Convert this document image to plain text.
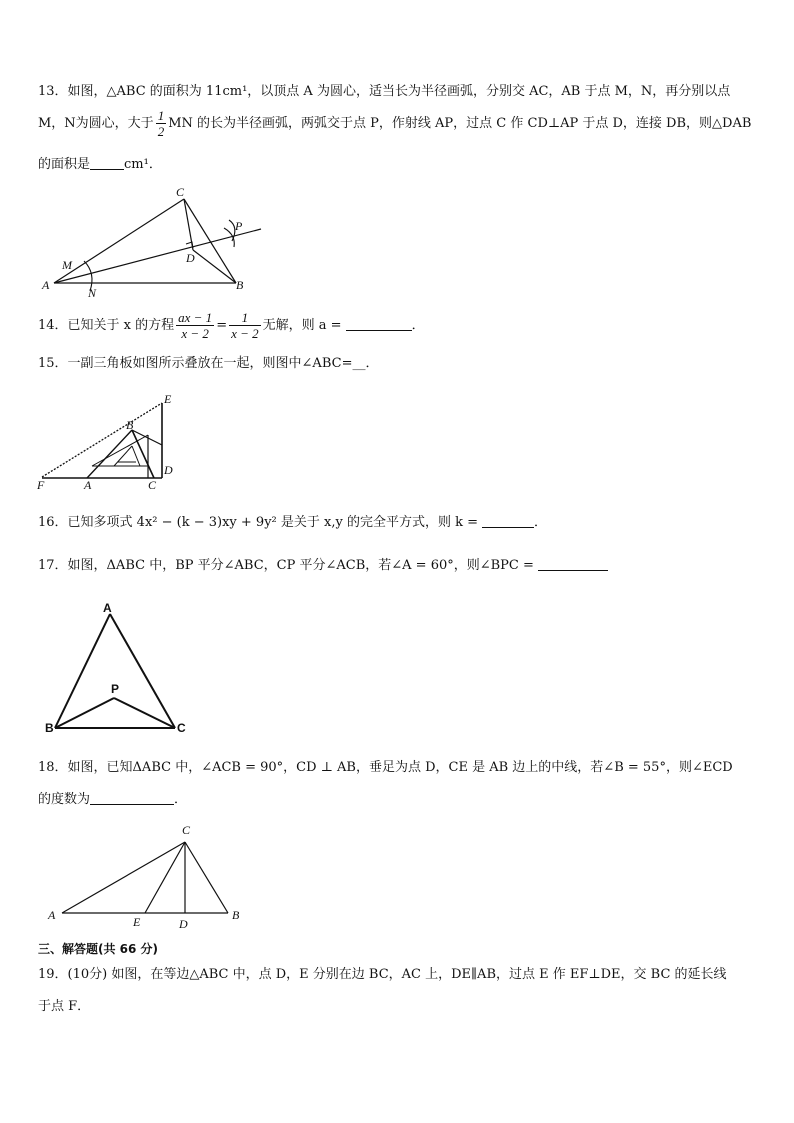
13．如图，△ABC 的面积为 11cm¹，以顶点 A 为圆心，适当长为半径画弧，分别交 AC，AB 于点 M，N，再分别以点
M，N为圆心，大于 $\frac{1}{2}$ MN 的长为半径画弧，两弧交于点 P，作射线 AP，过点 C 作 CD⊥AP 于点 D，连接 DB，则△DAB
的面积是	cm¹．
C
P
D
M
A
N
B
14．已知关于 x 的方程 $\frac{ax - 1}{x - 2} = \frac{1}{x - 2}$ 无解，则 a =	．
15．一副三角板如图所示叠放在一起，则图中∠ABC=__．
E
B
D
F	A	C
16．已知多项式 4x² − (k − 3)xy + 9y² 是关于 x,y 的完全平方式，则 k =	．
17．如图，ΔABC 中，BP 平分∠ABC，CP 平分∠ACB，若∠A = 60°，则∠BPC =
A
P
B	C
18．如图，已知ΔABC 中，∠ACB = 90°，CD ⊥ AB，垂足为点 D，CE 是 AB 边上的中线，若∠B = 55°，则∠ECD
的度数为	．
C
A	E	D
B
三、解答题(共 66 分)
19．(10分) 如图，在等边△ABC 中，点 D，E 分别在边 BC，AC 上，DE∥AB，过点 E 作 EF⊥DE，交 BC 的延长线
于点 F．
